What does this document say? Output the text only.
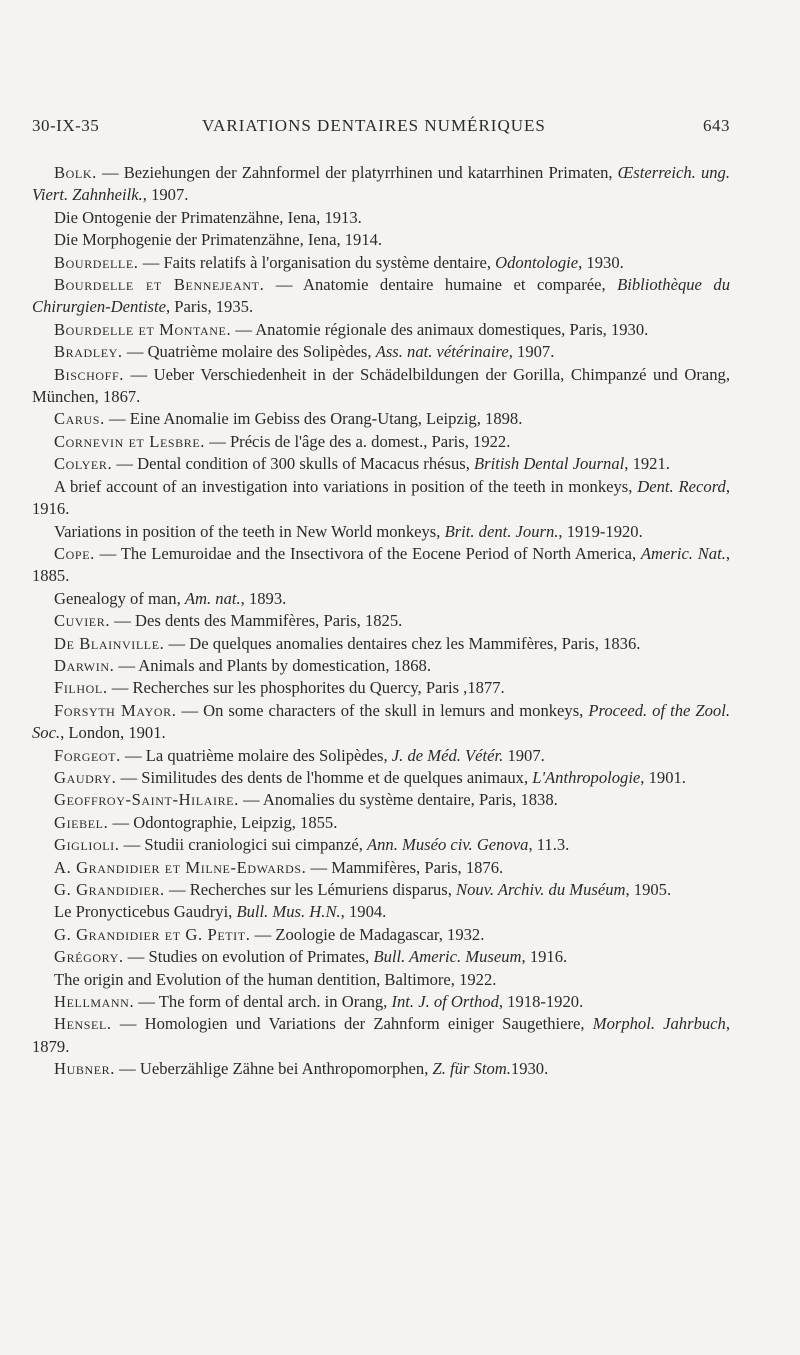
30-IX-35	VARIATIONS DENTAIRES NUMÉRIQUES	643

Bolk. — Beziehungen der Zahnformel der platyrrhinen und katarrhinen Primaten, Œsterreich. ung. Viert. Zahnheilk., 1907.

Die Ontogenie der Primatenzähne, Iena, 1913.

Die Morphogenie der Primatenzähne, Iena, 1914.

Bourdelle. — Faits relatifs à l'organisation du système dentaire, Odontologie, 1930.

Bourdelle et Bennejeant. — Anatomie dentaire humaine et comparée, Bibliothèque du Chirurgien-Dentiste, Paris, 1935.

Bourdelle et Montane. — Anatomie régionale des animaux domestiques, Paris, 1930.

Bradley. — Quatrième molaire des Solipèdes, Ass. nat. vétérinaire, 1907.

Bischoff. — Ueber Verschiedenheit in der Schädelbildungen der Gorilla, Chimpanzé und Orang, München, 1867.

Carus. — Eine Anomalie im Gebiss des Orang-Utang, Leipzig, 1898.

Cornevin et Lesbre. — Précis de l'âge des a. domest., Paris, 1922.

Colyer. — Dental condition of 300 skulls of Macacus rhésus, British Dental Journal, 1921.

A brief account of an investigation into variations in position of the teeth in monkeys, Dent. Record, 1916.

Variations in position of the teeth in New World monkeys, Brit. dent. Journ., 1919-1920.

Cope. — The Lemuroidae and the Insectivora of the Eocene Period of North America, Americ. Nat., 1885.

Genealogy of man, Am. nat., 1893.

Cuvier. — Des dents des Mammifères, Paris, 1825.

De Blainville. — De quelques anomalies dentaires chez les Mammifères, Paris, 1836.

Darwin. — Animals and Plants by domestication, 1868.

Filhol. — Recherches sur les phosphorites du Quercy, Paris ,1877.

Forsyth Mayor. — On some characters of the skull in lemurs and monkeys, Proceed. of the Zool. Soc., London, 1901.

Forgeot. — La quatrième molaire des Solipèdes, J. de Méd. Vétér. 1907.

Gaudry. — Similitudes des dents de l'homme et de quelques animaux, L'Anthropologie, 1901.

Geoffroy-Saint-Hilaire. — Anomalies du système dentaire, Paris, 1838.

Giebel. — Odontographie, Leipzig, 1855.

Giglioli. — Studii craniologici sui cimpanzé, Ann. Muséo civ. Genova, 11.3.

A. Grandidier et Milne-Edwards. — Mammifères, Paris, 1876.

G. Grandidier. — Recherches sur les Lémuriens disparus, Nouv. Archiv. du Muséum, 1905.

Le Pronycticebus Gaudryi, Bull. Mus. H.N., 1904.

G. Grandidier et G. Petit. — Zoologie de Madagascar, 1932.

Grégory. — Studies on evolution of Primates, Bull. Americ. Museum, 1916.

The origin and Evolution of the human dentition, Baltimore, 1922.

Hellmann. — The form of dental arch. in Orang, Int. J. of Orthod, 1918-1920.

Hensel. — Homologien und Variations der Zahnform einiger Saugethiere, Morphol. Jahrbuch, 1879.

Hubner. — Ueberzählige Zähne bei Anthropomorphen, Z. für Stom.1930.
